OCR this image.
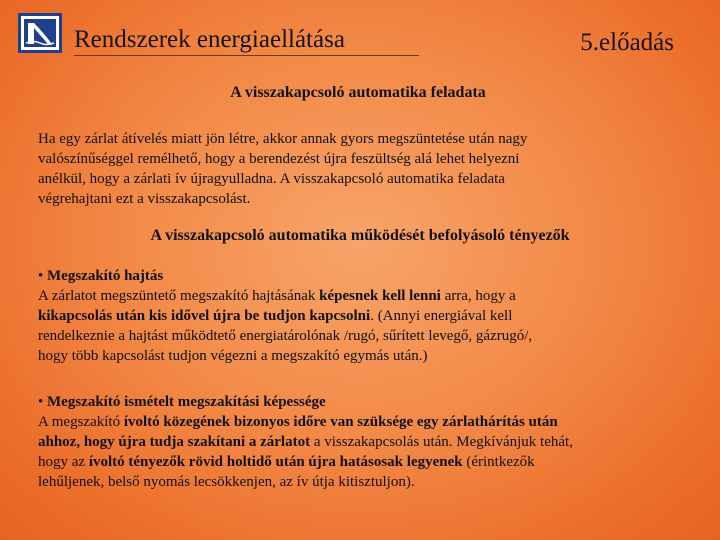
Rendszerek energiaellátása	5.előadás
A visszakapcsoló automatika feladata
Ha egy zárlat átívelés miatt jön létre, akkor annak gyors megszüntetése után nagy
valószínűséggel remélhető, hogy a berendezést újra feszültség alá lehet helyezni
anélkül, hogy a zárlati ív újragyulladna. A visszakapcsoló automatika feladata
végrehajtani ezt a visszakapcsolást.
A visszakapcsoló automatika működését befolyásoló tényezők
• Megszakító hajtás
A zárlatot megszüntető megszakító hajtásának képesnek kell lenni arra, hogy a
kikapcsolás után kis idővel újra be tudjon kapcsolni. (Annyi energiával kell
rendelkeznie a hajtást működtető energiatárolónak /rugó, sűrített levegő, gázrugó/,
hogy több kapcsolást tudjon végezni a megszakító egymás után.)
• Megszakító ismételt megszakítási képessége
A megszakító ívoltó közegének bizonyos időre van szüksége egy zárlathárítás után
ahhoz, hogy újra tudja szakítani a zárlatot a visszakapcsolás után. Megkívánjuk tehát,
hogy az ívoltó tényezők rövid holtidő után újra hatásosak legyenek (érintkezők
lehűljenek, belső nyomás lecsökkenjen, az ív útja kitisztuljon).
